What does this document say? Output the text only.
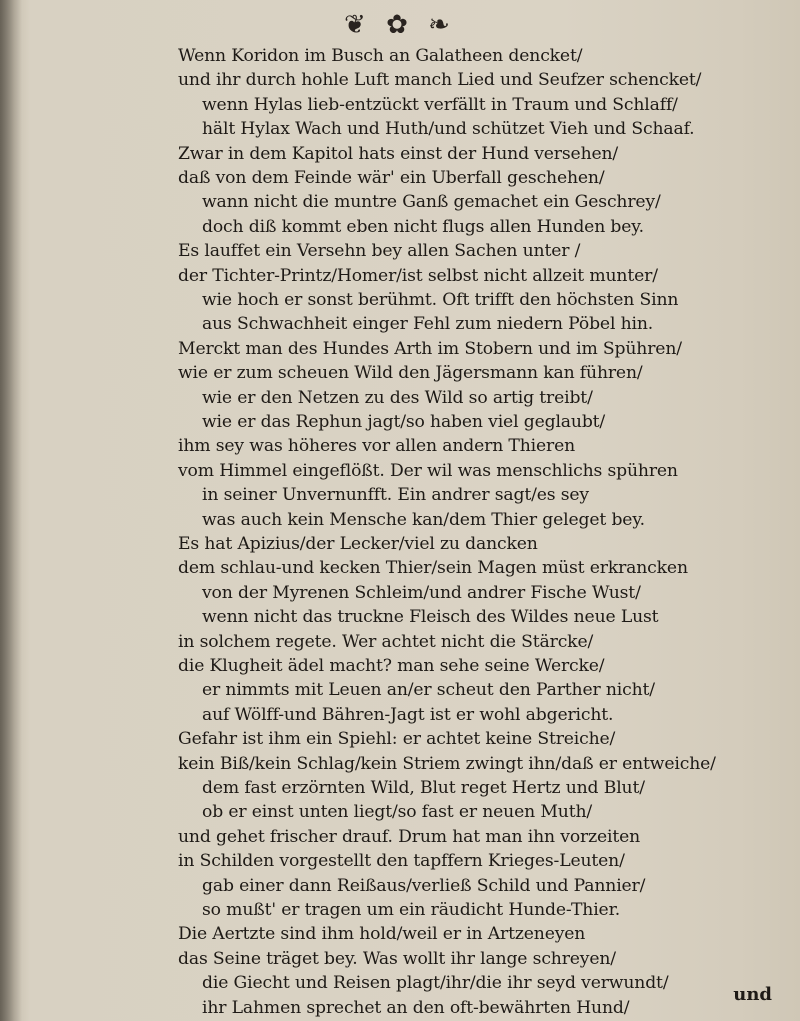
❦ ✿ ❧
Wenn Koridon im Busch an Galatheen dencket/
und ihr durch hohle Luft manch Lied und Seufzer schencket/
wenn Hylas lieb-entzückt verfällt in Traum und Schlaff/
hält Hylax Wach und Huth/und schützet Vieh und Schaaf.
Zwar in dem Kapitol hats einst der Hund versehen/
daß von dem Feinde wär' ein Uberfall geschehen/
wann nicht die muntre Ganß gemachet ein Geschrey/
doch diß kommt eben nicht flugs allen Hunden bey.
Es lauffet ein Versehn bey allen Sachen unter /
der Tichter-Printz/Homer/ist selbst nicht allzeit munter/
wie hoch er sonst berühmt. Oft trifft den höchsten Sinn
aus Schwachheit einger Fehl zum niedern Pöbel hin.
Merckt man des Hundes Arth im Stobern und im Spühren/
wie er zum scheuen Wild den Jägersmann kan führen/
wie er den Netzen zu des Wild so artig treibt/
wie er das Rephun jagt/so haben viel geglaubt/
ihm sey was höheres vor allen andern Thieren
vom Himmel eingeflößt. Der wil was menschlichs spühren
in seiner Unvernunfft. Ein andrer sagt/es sey
was auch kein Mensche kan/dem Thier geleget bey.
Es hat Apizius/der Lecker/viel zu dancken
dem schlau-und kecken Thier/sein Magen müst erkrancken
von der Myrenen Schleim/und andrer Fische Wust/
wenn nicht das truckne Fleisch des Wildes neue Lust
in solchem regete. Wer achtet nicht die Stärcke/
die Klugheit ädel macht? man sehe seine Wercke/
er nimmts mit Leuen an/er scheut den Parther nicht/
auf Wölff-und Bähren-Jagt ist er wohl abgericht.
Gefahr ist ihm ein Spiehl: er achtet keine Streiche/
kein Biß/kein Schlag/kein Striem zwingt ihn/daß er entweiche/
dem fast erzörnten Wild, Blut reget Hertz und Blut/
ob er einst unten liegt/so fast er neuen Muth/
und gehet frischer drauf. Drum hat man ihn vorzeiten
in Schilden vorgestellt den tapffern Krieges-Leuten/
gab einer dann Reißaus/verließ Schild und Pannier/
so mußt' er tragen um ein räudicht Hunde-Thier.
Die Aertzte sind ihm hold/weil er in Artzeneyen
das Seine träget bey. Was wollt ihr lange schreyen/
die Giecht und Reisen plagt/ihr/die ihr seyd verwundt/
ihr Lahmen sprechet an den oft-bewährten Hund/
und
